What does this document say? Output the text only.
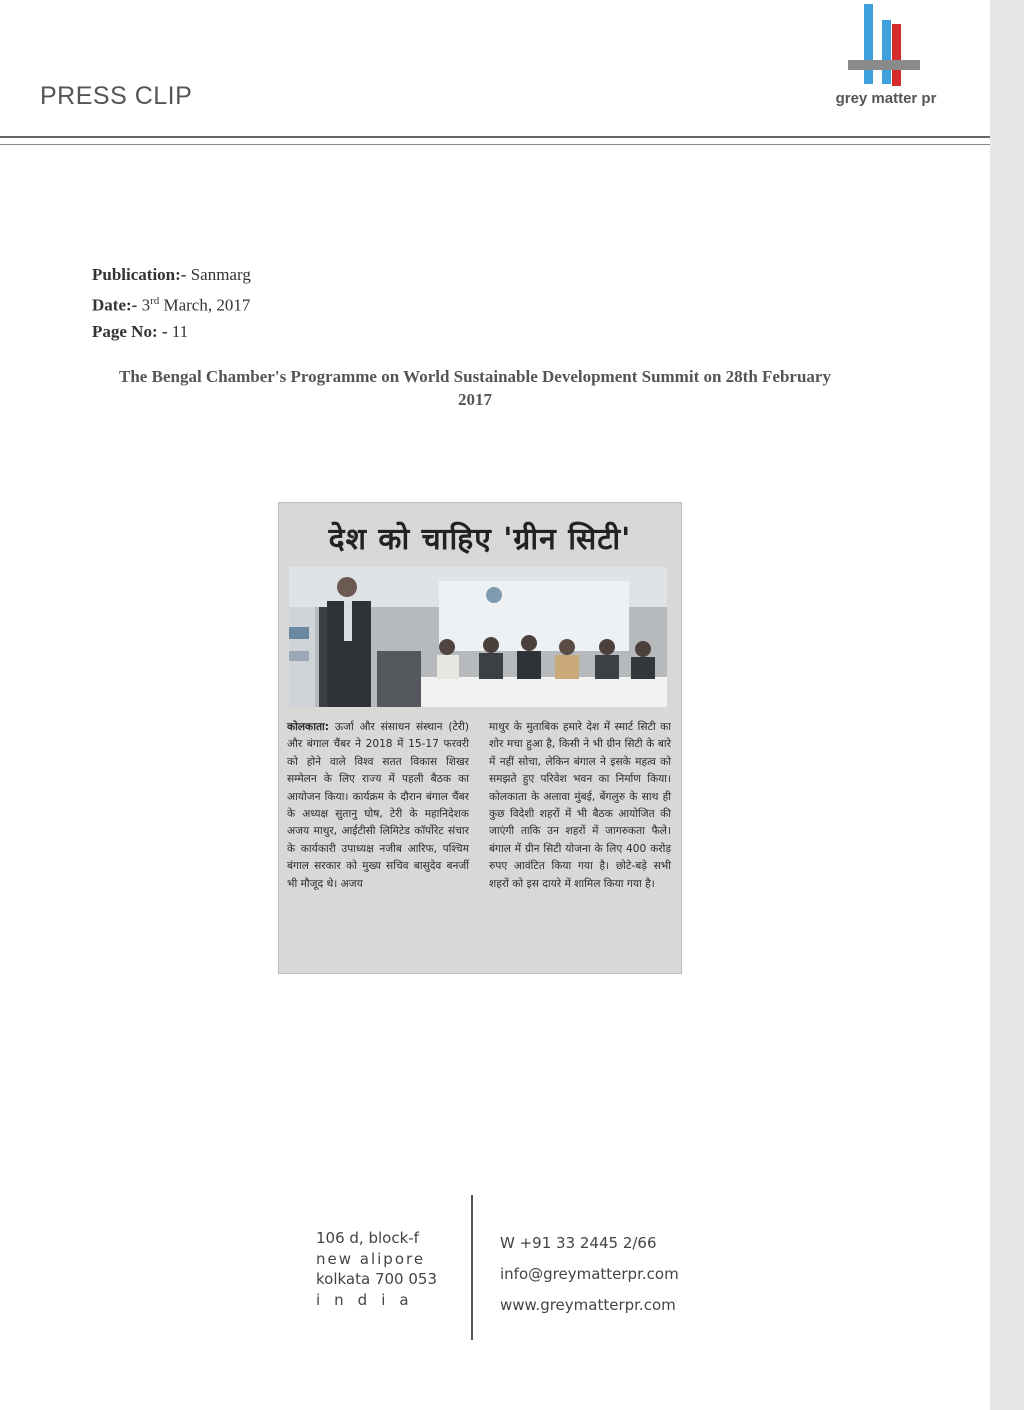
PRESS CLIP	grey matter pr
Publication:- Sanmarg
Date:- 3rd March, 2017
Page No: - 11
The Bengal Chamber's Programme on World Sustainable Development Summit on 28th February 2017
देश को चाहिए 'ग्रीन सिटी'
कोलकाता: ऊर्जा और संसाधन संस्थान (टेरी) और बंगाल चैंबर ने 2018 में 15-17 फरवरी को होने वाले विश्व सतत विकास शिखर सम्मेलन के लिए राज्य में पहली बैठक का आयोजन किया। कार्यक्रम के दौरान बंगाल चैंबर के अध्यक्ष सुतानु घोष, टेरी के महानिदेशक अजय माथुर, आईटीसी लिमिटेड कॉर्पोरेट संचार के कार्यकारी उपाध्यक्ष नजीब आरिफ, पश्चिम बंगाल सरकार को मुख्य सचिव बासुदेव बनर्जी भी मौजूद थे। अजय
माथुर के मुताबिक हमारे देश में स्मार्ट सिटी का शोर मचा हुआ है, किसी ने भी ग्रीन सिटी के बारे में नहीं सोचा, लेकिन बंगाल ने इसके महत्व को समझते हुए परिवेश भवन का निर्माण किया। कोलकाता के अलावा मुंबई, बेंगलुरु के साथ ही कुछ विदेशी शहरों में भी बैठक आयोजित की जाएंगी ताकि उन शहरों में जागरुकता फैले। बंगाल में ग्रीन सिटी योजना के लिए 400 करोड़ रुपए आवंटित किया गया है। छोटे-बड़े सभी शहरों को इस दायरे में शामिल किया गया है।
106 d, block-f
new alipore
kolkata 700 053
india
W +91 33 2445 2/66
info@greymatterpr.com
www.greymatterpr.com
